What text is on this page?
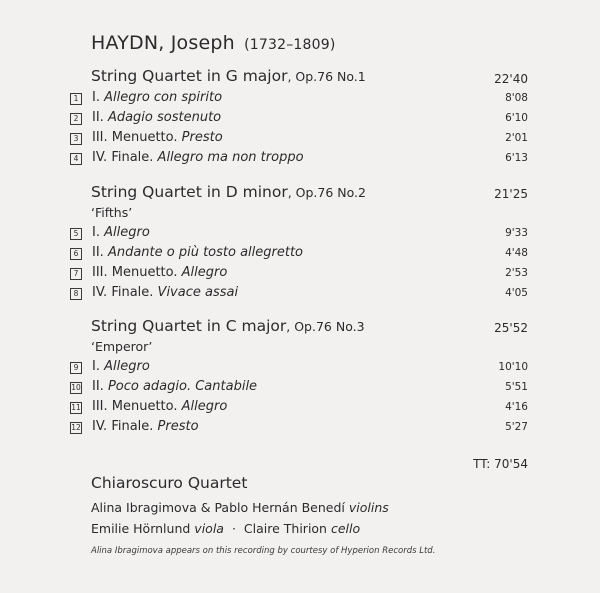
HAYDN, Joseph (1732–1809)
String Quartet in G major, Op.76 No.1	22'40
1 I. Allegro con spirito	8'08
2 II. Adagio sostenuto	6'10
3 III. Menuetto. Presto	2'01
4 IV. Finale. Allegro ma non troppo	6'13
String Quartet in D minor, Op.76 No.2	21'25
‘Fifths’
5 I. Allegro	9'33
6 II. Andante o più tosto allegretto	4'48
7 III. Menuetto. Allegro	2'53
8 IV. Finale. Vivace assai	4'05
String Quartet in C major, Op.76 No.3	25'52
‘Emperor’
9 I. Allegro	10'10
10 II. Poco adagio. Cantabile	5'51
11 III. Menuetto. Allegro	4'16
12 IV. Finale. Presto	5'27
TT: 70'54
Chiaroscuro Quartet
Alina Ibragimova & Pablo Hernán Benedí violins
Emilie Hörnlund viola · Claire Thirion cello
Alina Ibragimova appears on this recording by courtesy of Hyperion Records Ltd.
